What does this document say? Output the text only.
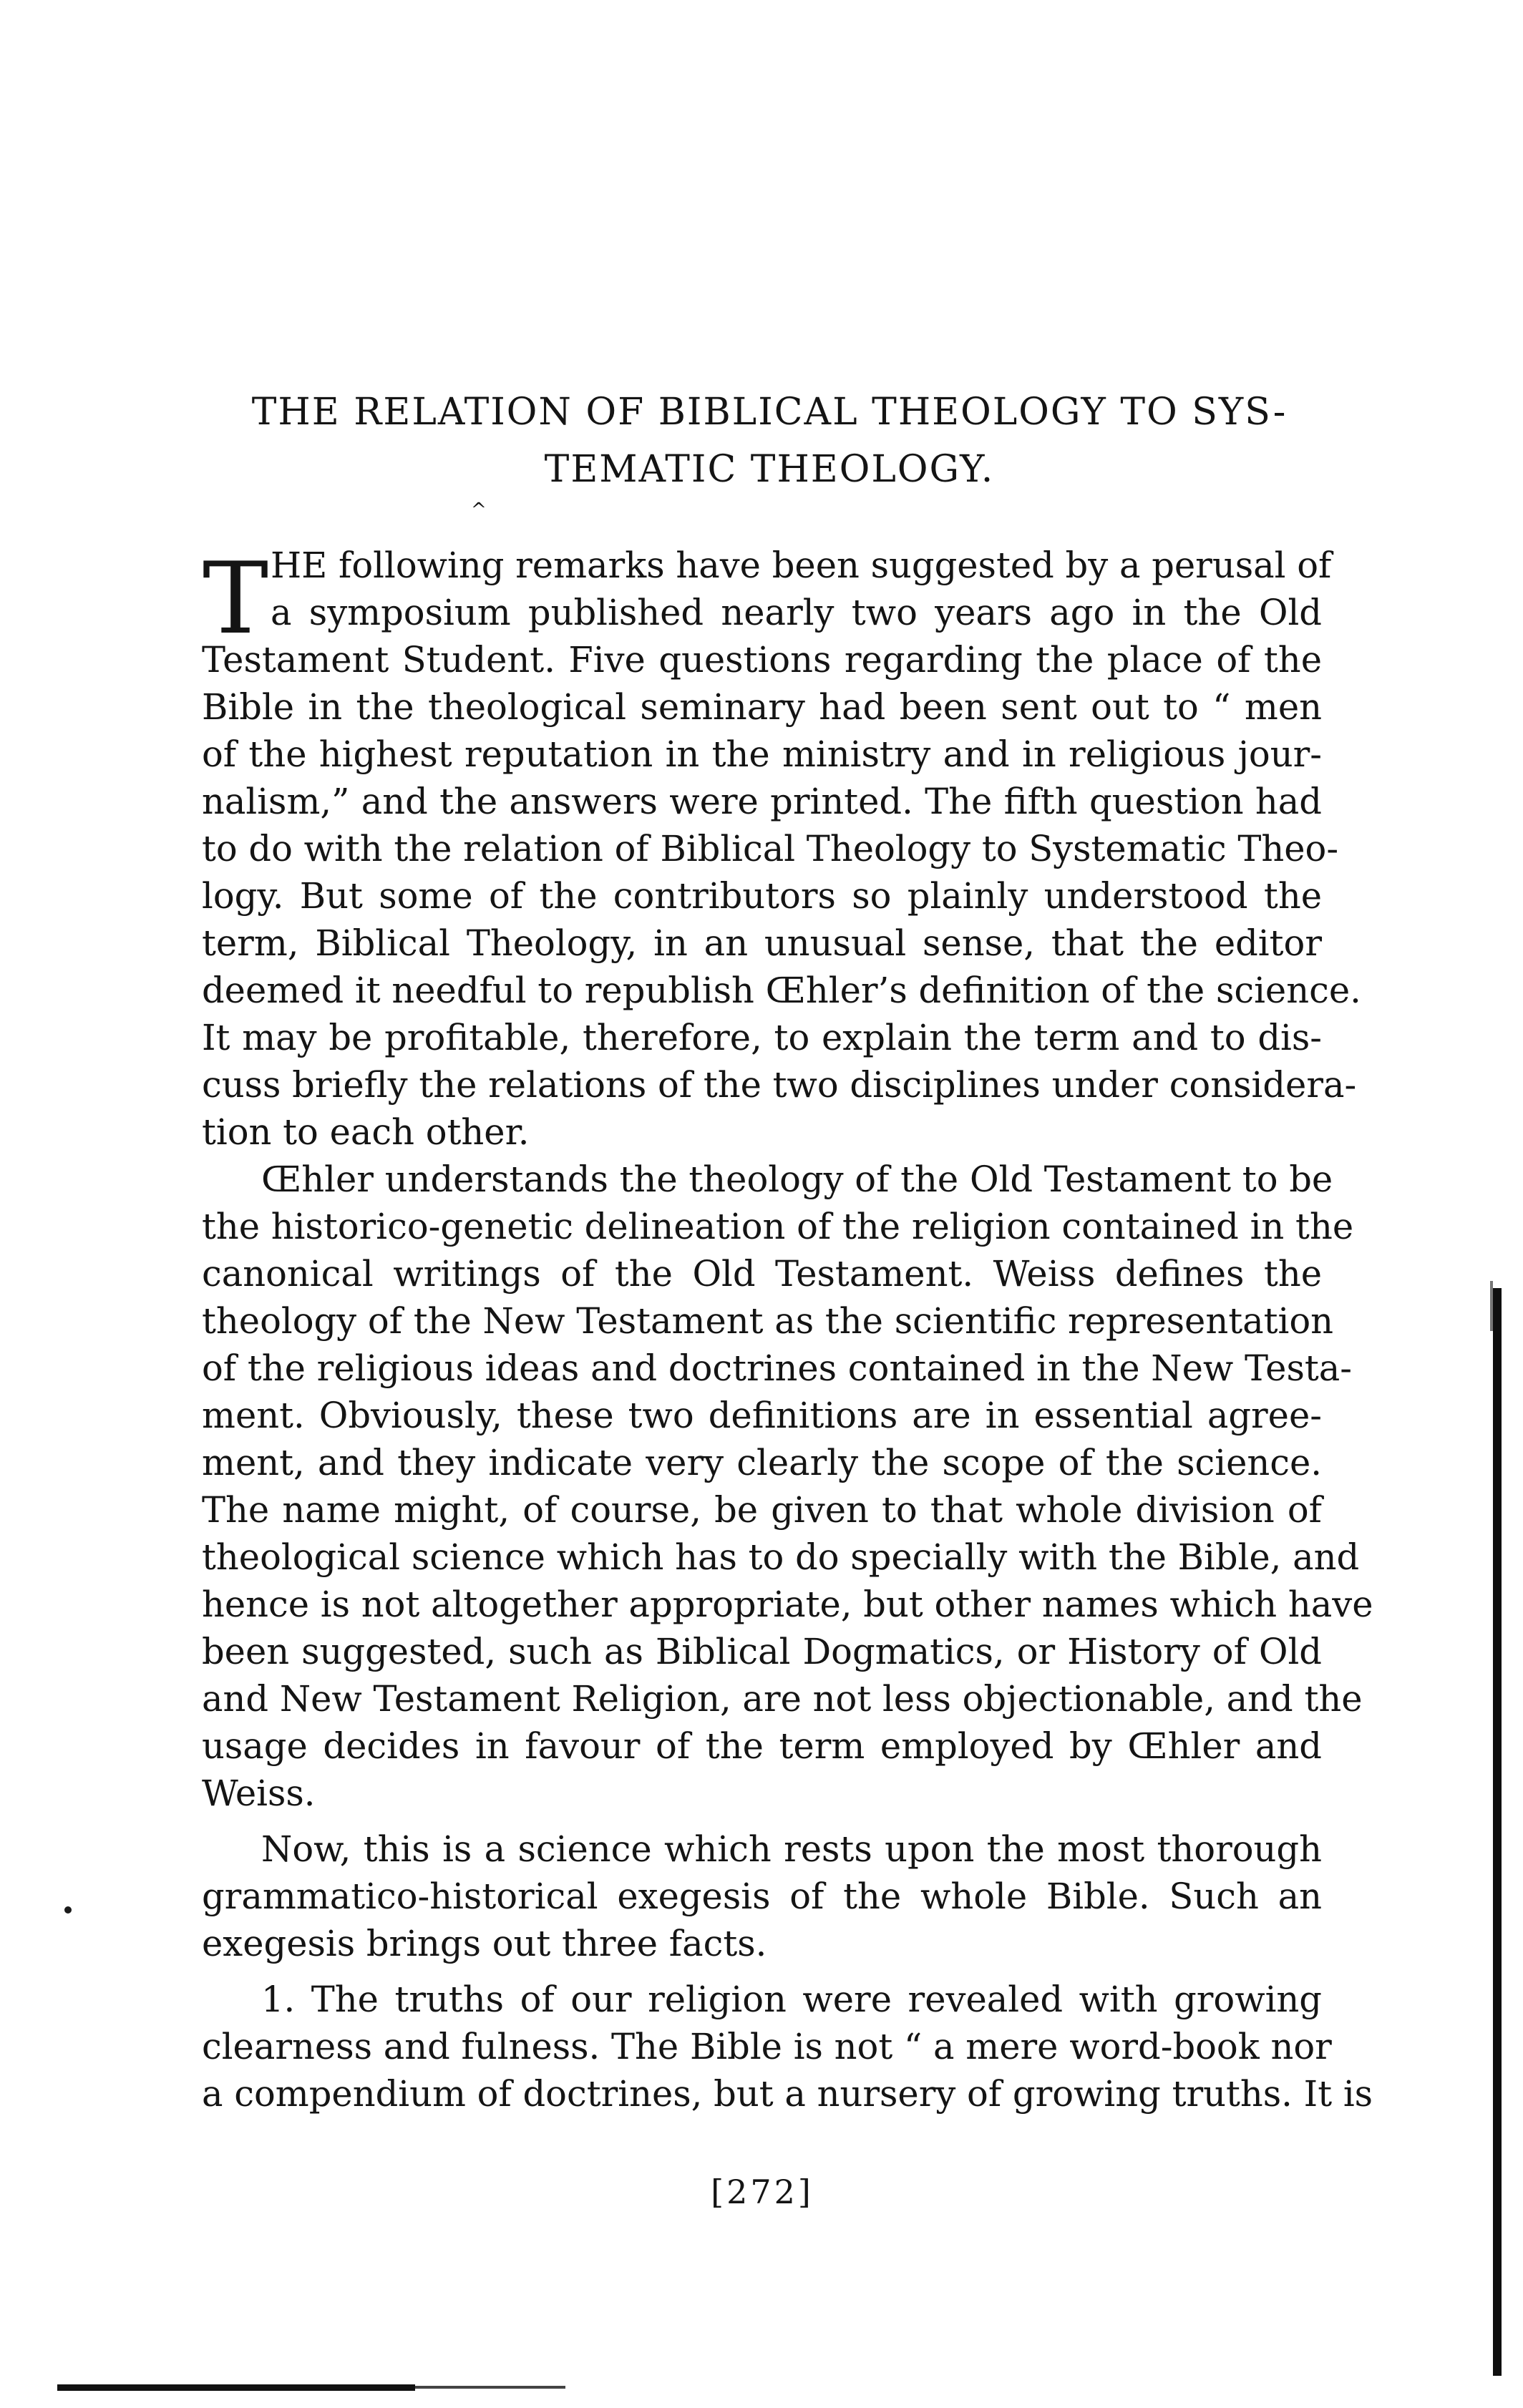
THE RELATION OF BIBLICAL THEOLOGY TO SYS-
TEMATIC THEOLOGY.
^
T HE following remarks have been suggested by a perusal of
a symposium published nearly two years ago in the Old
Testament Student. Five questions regarding the place of the
Bible in the theological seminary had been sent out to “ men
of the highest reputation in the ministry and in religious jour-
nalism,” and the answers were printed. The fifth question had
to do with the relation of Biblical Theology to Systematic Theo-
logy. But some of the contributors so plainly understood the
term, Biblical Theology, in an unusual sense, that the editor
deemed it needful to republish Œhler’s definition of the science.
It may be profitable, therefore, to explain the term and to dis-
cuss briefly the relations of the two disciplines under considera-
tion to each other.
Œhler understands the theology of the Old Testament to be
the historico-genetic delineation of the religion contained in the
canonical writings of the Old Testament. Weiss defines the
theology of the New Testament as the scientific representation
of the religious ideas and doctrines contained in the New Testa-
ment. Obviously, these two definitions are in essential agree-
ment, and they indicate very clearly the scope of the science.
The name might, of course, be given to that whole division of
theological science which has to do specially with the Bible, and
hence is not altogether appropriate, but other names which have
been suggested, such as Biblical Dogmatics, or History of Old
and New Testament Religion, are not less objectionable, and the
usage decides in favour of the term employed by Œhler and
Weiss.
Now, this is a science which rests upon the most thorough
grammatico-historical exegesis of the whole Bible. Such an
exegesis brings out three facts.
1. The truths of our religion were revealed with growing
clearness and fulness. The Bible is not “ a mere word-book nor
a compendium of doctrines, but a nursery of growing truths. It is
[272]
